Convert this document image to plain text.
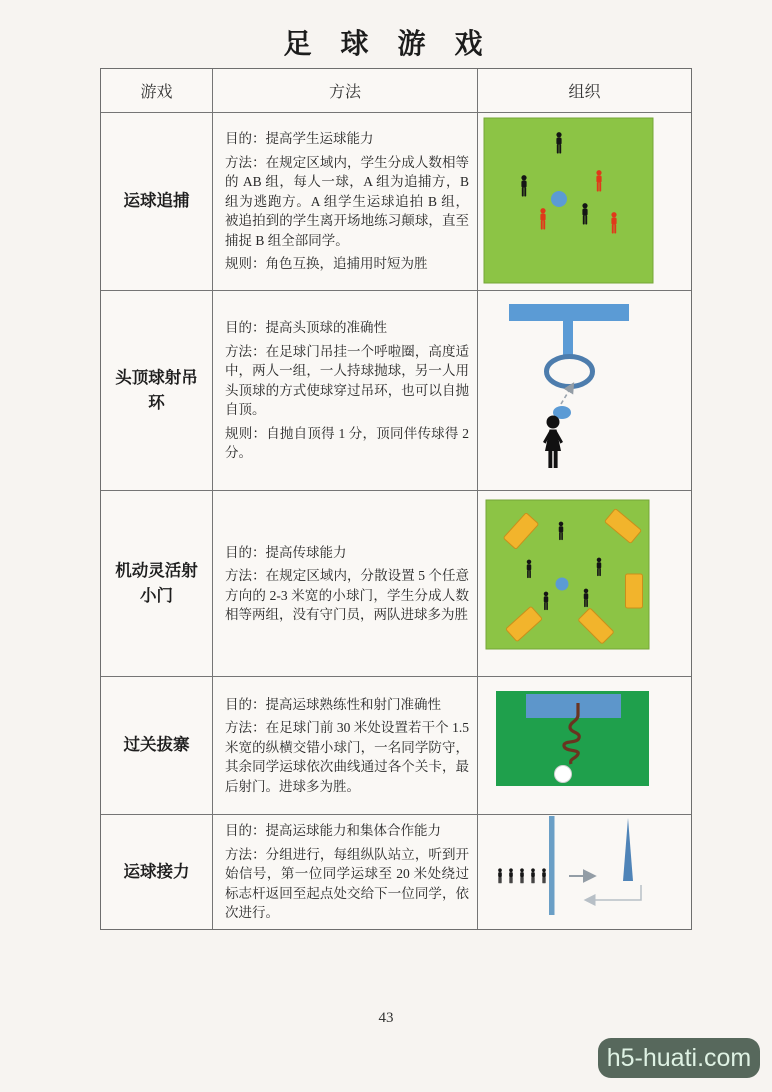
足 球 游 戏
游戏	方法	组织
运球追捕
目的：提高学生运球能力
方法：在规定区域内，学生分成人数相等的 AB 组，每人一球，A 组为追捕方，B 组为逃跑方。A 组学生运球追拍 B 组，被追拍到的学生离开场地练习颠球，直至捕捉 B 组全部同学。
规则：角色互换，追捕用时短为胜
头顶球射吊环
目的：提高头顶球的准确性
方法：在足球门吊挂一个呼啦圈，高度适中，两人一组，一人持球抛球，另一人用头顶球的方式使球穿过吊环，也可以自抛自顶。
规则：自抛自顶得 1 分，顶同伴传球得 2 分。
机动灵活射小门
目的：提高传球能力
方法：在规定区域内，分散设置 5 个任意方向的 2-3 米宽的小球门，学生分成人数相等两组，没有守门员，两队进球多为胜
过关拔寨
目的：提高运球熟练性和射门准确性
方法：在足球门前 30 米处设置若干个 1.5 米宽的纵横交错小球门，一名同学防守，其余同学运球依次曲线通过各个关卡，最后射门。进球多为胜。
运球接力
目的：提高运球能力和集体合作能力
方法：分组进行，每组纵队站立，听到开始信号，第一位同学运球至 20 米处绕过标志杆返回至起点处交给下一位同学，依次进行。
43
h5-huati.com
